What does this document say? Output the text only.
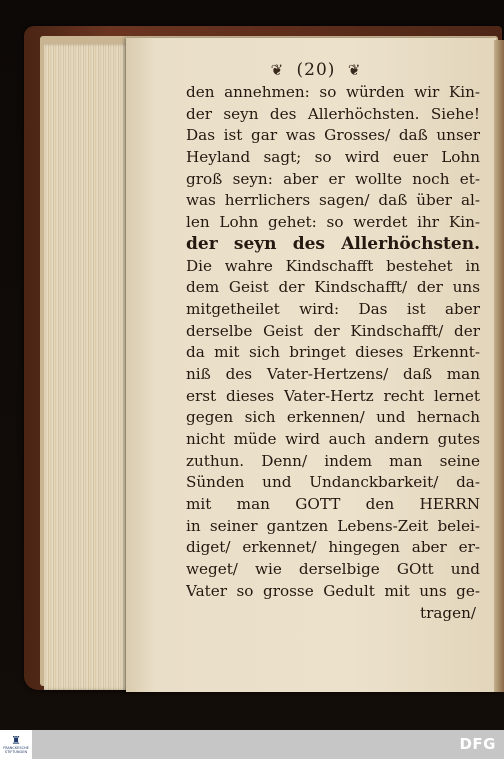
❦ (20) ❦
den annehmen: so würden wir Kin-
der seyn des Allerhöchsten. Siehe!
Das ist gar was Grosses/ daß unser
Heyland sagt; so wird euer Lohn
groß seyn: aber er wollte noch et-
was herrlichers sagen/ daß über al-
len Lohn gehet: so werdet ihr Kin-
der seyn des Allerhöchsten.
Die wahre Kindschafft bestehet in
dem Geist der Kindschafft/ der uns
mitgetheilet wird: Das ist aber
derselbe Geist der Kindschafft/ der
da mit sich bringet dieses Erkennt-
niß des Vater-Hertzens/ daß man
erst dieses Vater-Hertz recht lernet
gegen sich erkennen/ und hernach
nicht müde wird auch andern gutes
zuthun. Denn/ indem man seine
Sünden und Undanckbarkeit/ da-
mit man GOTT den HERRN
in seiner gantzen Lebens-Zeit belei-
diget/ erkennet/ hingegen aber er-
weget/ wie derselbige GOtt und
Vater so grosse Gedult mit uns ge-
tragen/
♜
FRANCKESCHE STIFTUNGEN	DFG
